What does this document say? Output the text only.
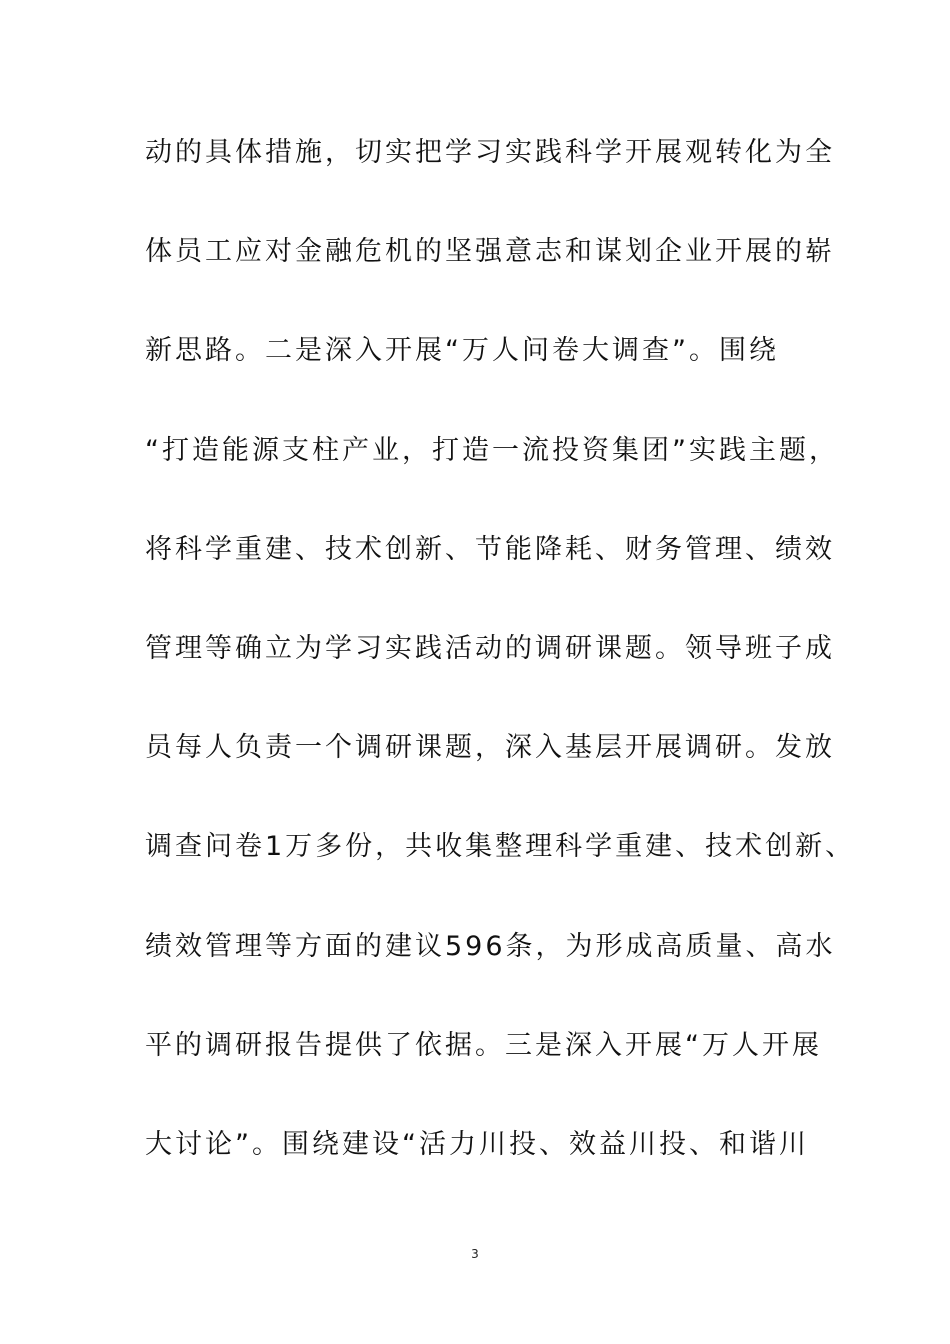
动的具体措施，切实把学习实践科学开展观转化为全
体员工应对金融危机的坚强意志和谋划企业开展的崭
新思路。二是深入开展“万人问卷大调查”。围绕
“打造能源支柱产业，打造一流投资集团”实践主题，
将科学重建、技术创新、节能降耗、财务管理、绩效
管理等确立为学习实践活动的调研课题。领导班子成
员每人负责一个调研课题，深入基层开展调研。发放
调查问卷1万多份，共收集整理科学重建、技术创新、
绩效管理等方面的建议596条，为形成高质量、高水
平的调研报告提供了依据。三是深入开展“万人开展
大讨论”。围绕建设“活力川投、效益川投、和谐川
3
